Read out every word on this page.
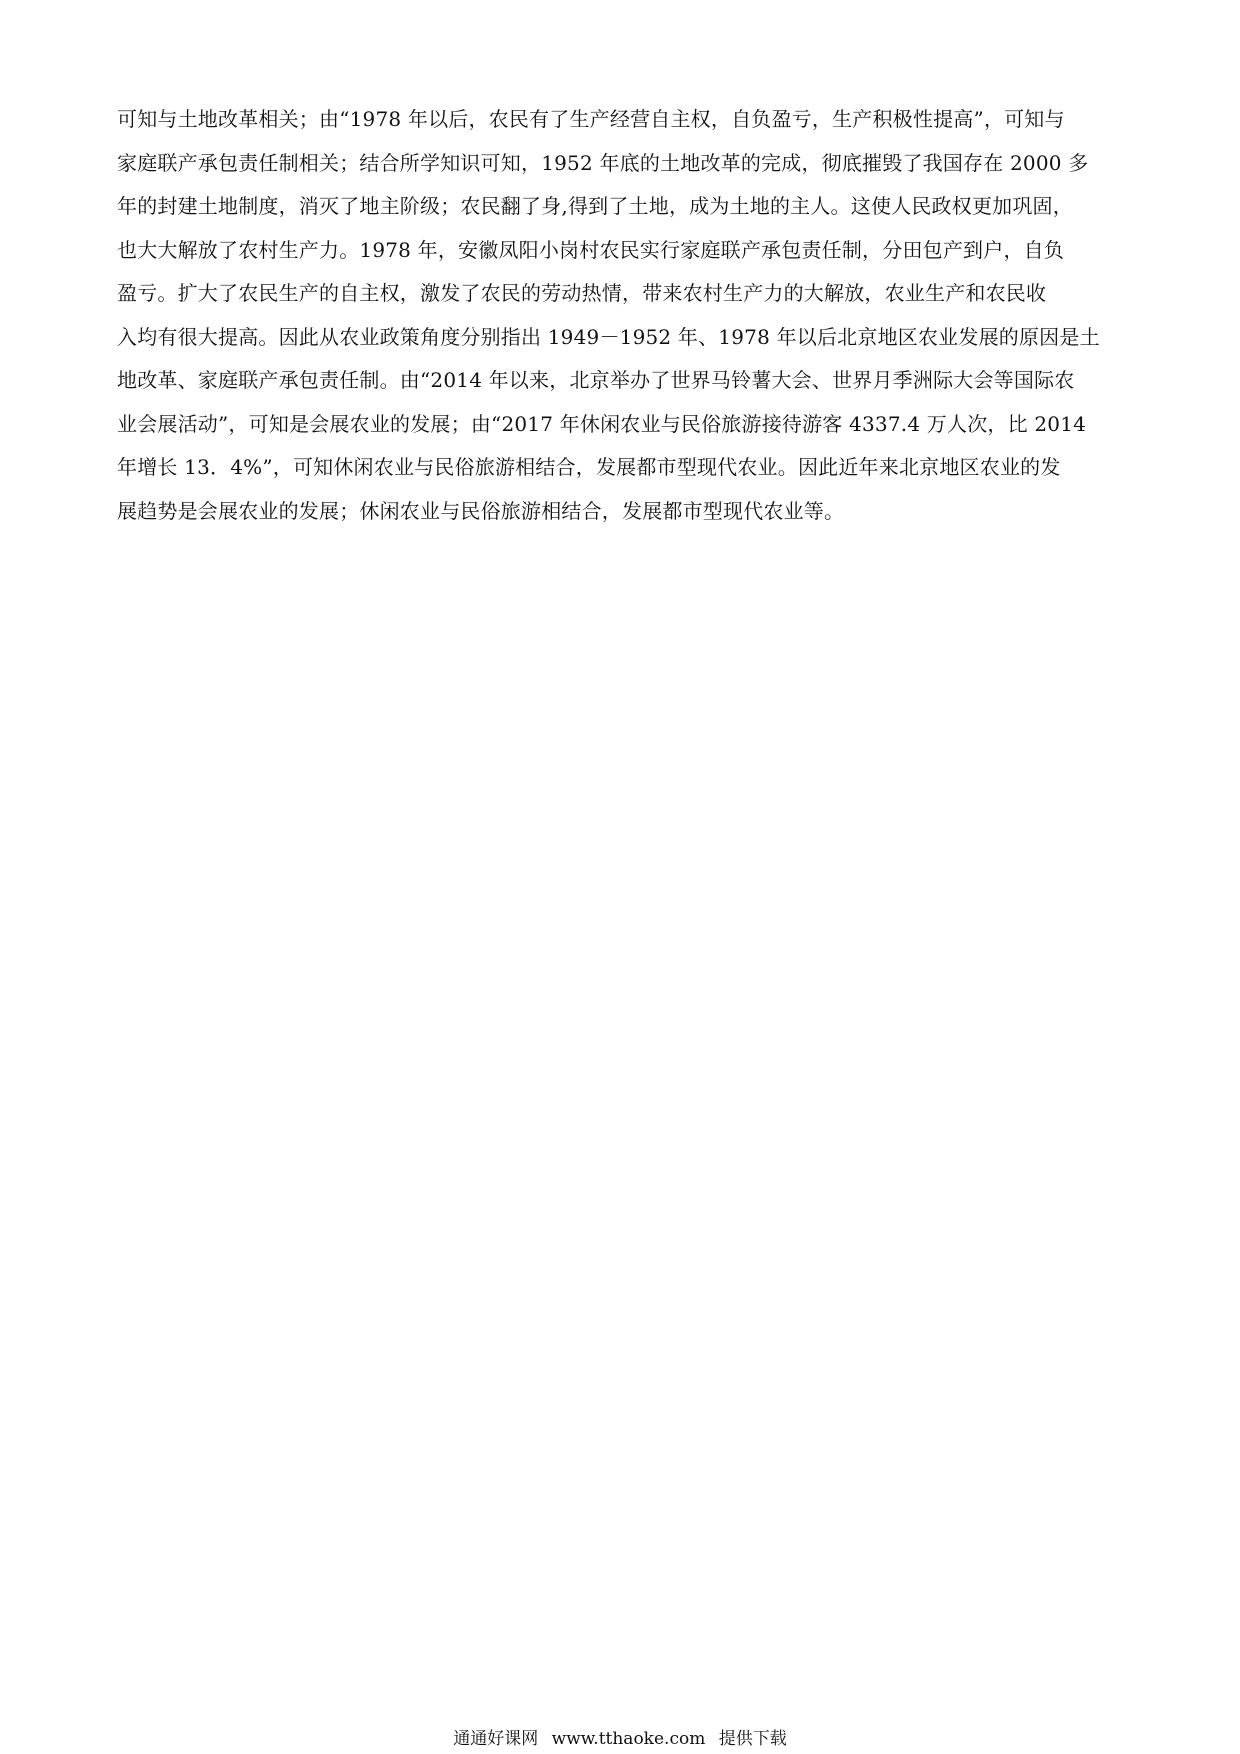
可知与土地改革相关；由“1978 年以后，农民有了生产经营自主权，自负盈亏，生产积极性提高”，可知与
家庭联产承包责任制相关；结合所学知识可知，1952 年底的土地改革的完成，彻底摧毁了我国存在 2000 多
年的封建土地制度，消灭了地主阶级；农民翻了身,得到了土地，成为土地的主人。这使人民政权更加巩固，
也大大解放了农村生产力。1978 年，安徽凤阳小岗村农民实行家庭联产承包责任制，分田包产到户，自负
盈亏。扩大了农民生产的自主权，激发了农民的劳动热情，带来农村生产力的大解放，农业生产和农民收
入均有很大提高。因此从农业政策角度分别指出 1949－1952 年、1978 年以后北京地区农业发展的原因是土
地改革、家庭联产承包责任制。由“2014 年以来，北京举办了世界马铃薯大会、世界月季洲际大会等国际农
业会展活动”，可知是会展农业的发展；由“2017 年休闲农业与民俗旅游接待游客 4337.4 万人次，比 2014
年增长 13．4%”，可知休闲农业与民俗旅游相结合，发展都市型现代农业。因此近年来北京地区农业的发
展趋势是会展农业的发展；休闲农业与民俗旅游相结合，发展都市型现代农业等。
通通好课网 www.tthaoke.com 提供下载
